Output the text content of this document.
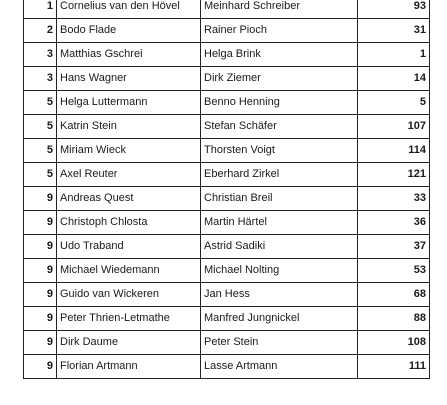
1	Cornelius van den Hövel	Meinhard Schreiber	93
2	Bodo Flade	Rainer Pioch	31
3	Matthias Gschrei	Helga Brink	1
3	Hans Wagner	Dirk Ziemer	14
5	Helga Luttermann	Benno Henning	5
5	Katrin Stein	Stefan Schäfer	107
5	Miriam Wieck	Thorsten Voigt	114
5	Axel Reuter	Eberhard Zirkel	121
9	Andreas Quest	Christian Breil	33
9	Christoph Chlosta	Martin Härtel	36
9	Udo Traband	Astrid Sadiki	37
9	Michael Wiedemann	Michael Nolting	53
9	Guido van Wickeren	Jan Hess	68
9	Peter Thrien-Letmathe	Manfred Jungnickel	88
9	Dirk Daume	Peter Stein	108
9	Florian Artmann	Lasse Artmann	111
